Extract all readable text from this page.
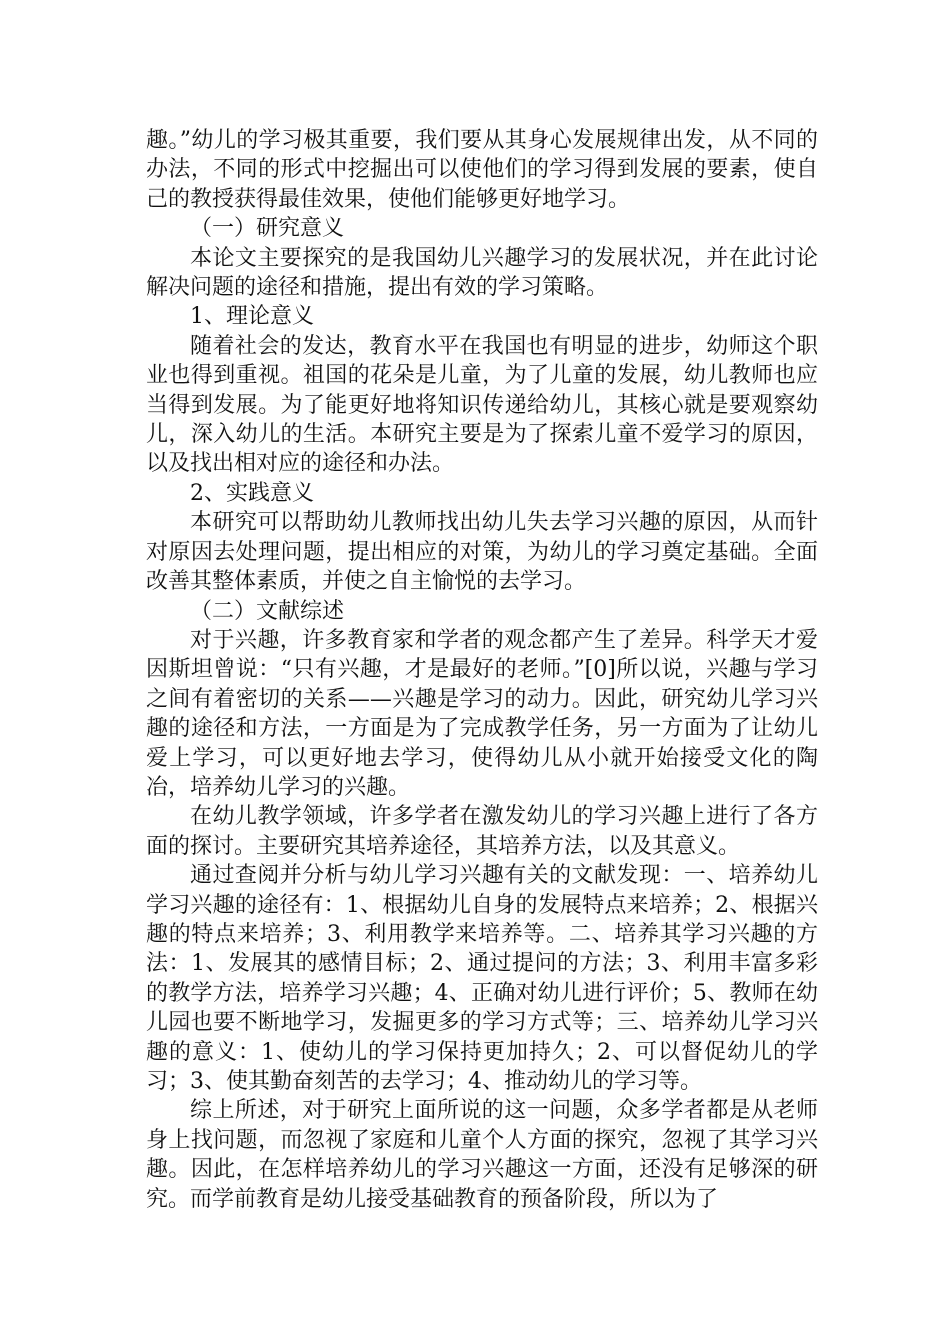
趣。”幼儿的学习极其重要，我们要从其身心发展规律出发，从不同的办法，不同的形式中挖掘出可以使他们的学习得到发展的要素，使自己的教授获得最佳效果，使他们能够更好地学习。

（一）研究意义

本论文主要探究的是我国幼儿兴趣学习的发展状况，并在此讨论解决问题的途径和措施，提出有效的学习策略。

1、理论意义

随着社会的发达，教育水平在我国也有明显的进步，幼师这个职业也得到重视。祖国的花朵是儿童，为了儿童的发展，幼儿教师也应当得到发展。为了能更好地将知识传递给幼儿，其核心就是要观察幼儿，深入幼儿的生活。本研究主要是为了探索儿童不爱学习的原因，以及找出相对应的途径和办法。

2、实践意义

本研究可以帮助幼儿教师找出幼儿失去学习兴趣的原因，从而针对原因去处理问题，提出相应的对策，为幼儿的学习奠定基础。全面改善其整体素质，并使之自主愉悦的去学习。

（二）文献综述

对于兴趣，许多教育家和学者的观念都产生了差异。科学天才爱因斯坦曾说：“只有兴趣，才是最好的老师。”[0]所以说，兴趣与学习之间有着密切的关系——兴趣是学习的动力。因此，研究幼儿学习兴趣的途径和方法，一方面是为了完成教学任务，另一方面为了让幼儿爱上学习，可以更好地去学习，使得幼儿从小就开始接受文化的陶冶，培养幼儿学习的兴趣。

在幼儿教学领域，许多学者在激发幼儿的学习兴趣上进行了各方面的探讨。主要研究其培养途径，其培养方法，以及其意义。

通过查阅并分析与幼儿学习兴趣有关的文献发现：一、培养幼儿学习兴趣的途径有：1、根据幼儿自身的发展特点来培养；2、根据兴趣的特点来培养；3、利用教学来培养等。二、培养其学习兴趣的方法：1、发展其的感情目标；2、通过提问的方法；3、利用丰富多彩的教学方法，培养学习兴趣；4、正确对幼儿进行评价；5、教师在幼儿园也要不断地学习，发掘更多的学习方式等；三、培养幼儿学习兴趣的意义：1、使幼儿的学习保持更加持久；2、可以督促幼儿的学习；3、使其勤奋刻苦的去学习；4、推动幼儿的学习等。

综上所述，对于研究上面所说的这一问题，众多学者都是从老师身上找问题，而忽视了家庭和儿童个人方面的探究，忽视了其学习兴趣。因此，在怎样培养幼儿的学习兴趣这一方面，还没有足够深的研究。而学前教育是幼儿接受基础教育的预备阶段，所以为了
